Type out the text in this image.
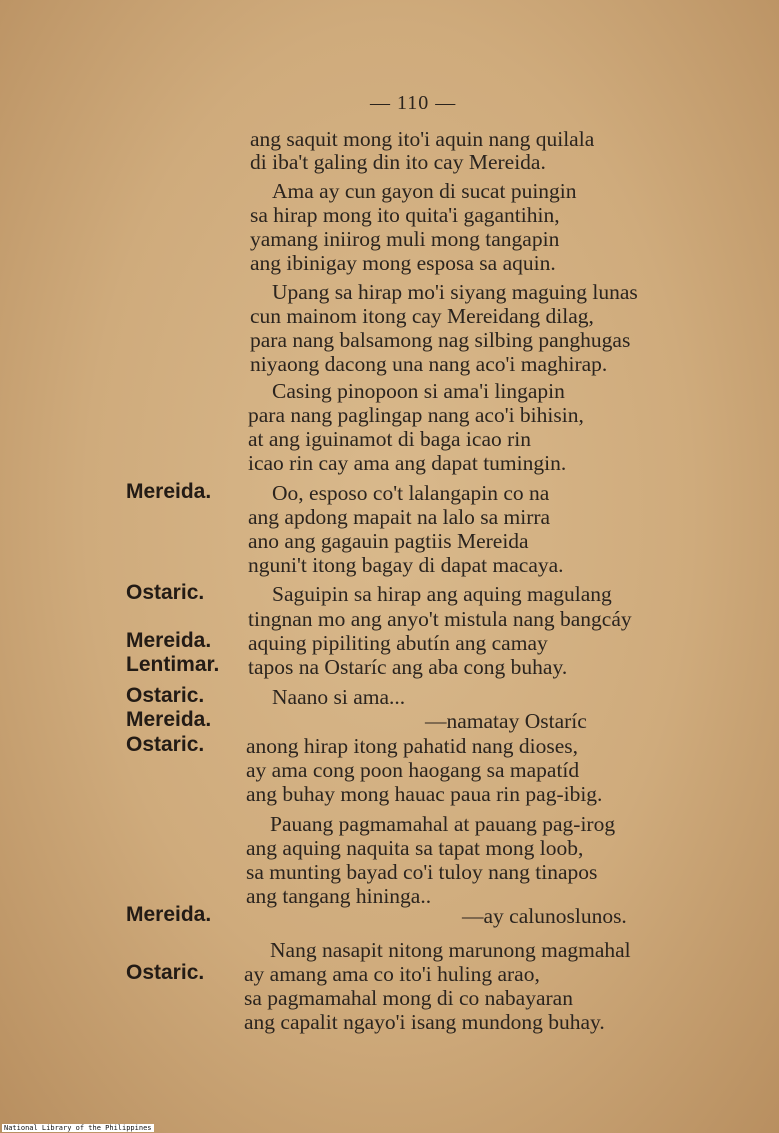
— 110 —
ang saquit mong ito'i aquin nang quilala
di iba't galing din ito cay Mereida.
Ama ay cun gayon di sucat puingin
sa hirap mong ito quita'i gagantihin,
yamang iniirog muli mong tangapin
ang ibinigay mong esposa sa aquin.
Upang sa hirap mo'i siyang maguing lunas
cun mainom itong cay Mereidang dilag,
para nang balsamong nag silbing panghugas
niyaong dacong una nang aco'i maghirap.
Casing pinopoon si ama'i lingapin
para nang paglingap nang aco'i bihisin,
at ang iguinamot di baga icao rin
icao rin cay ama ang dapat tumingin.
Mereida.	Oo, esposo co't lalangapin co na
ang apdong mapait na lalo sa mirra
ano ang gagauin pagtiis Mereida
nguni't itong bagay di dapat macaya.
Ostaric.	Saguipin sa hirap ang aquing magulang
tingnan mo ang anyo't mistula nang bangcáy
Mereida. aquing pipiliting abutín ang camay
Lentimar. tapos na Ostaríc ang aba cong buhay.
Ostaric.	Naano si ama...
Mereida.	—namatay Ostaríc
Ostaric. anong hirap itong pahatid nang dioses,
ay ama cong poon haogang sa mapatíd
ang buhay mong hauac paua rin pag-ibig.
Pauang pagmamahal at pauang pag-irog
ang aquing naquita sa tapat mong loob,
sa munting bayad co'i tuloy nang tinapos
ang tangang hininga..
Mereida.	—ay calunoslunos.
Nang nasapit nitong marunong magmahal
Ostaric. ay amang ama co ito'i huling arao,
sa pagmamahal mong di co nabayaran
ang capalit ngayo'i isang mundong buhay.
National Library of the Philippines
